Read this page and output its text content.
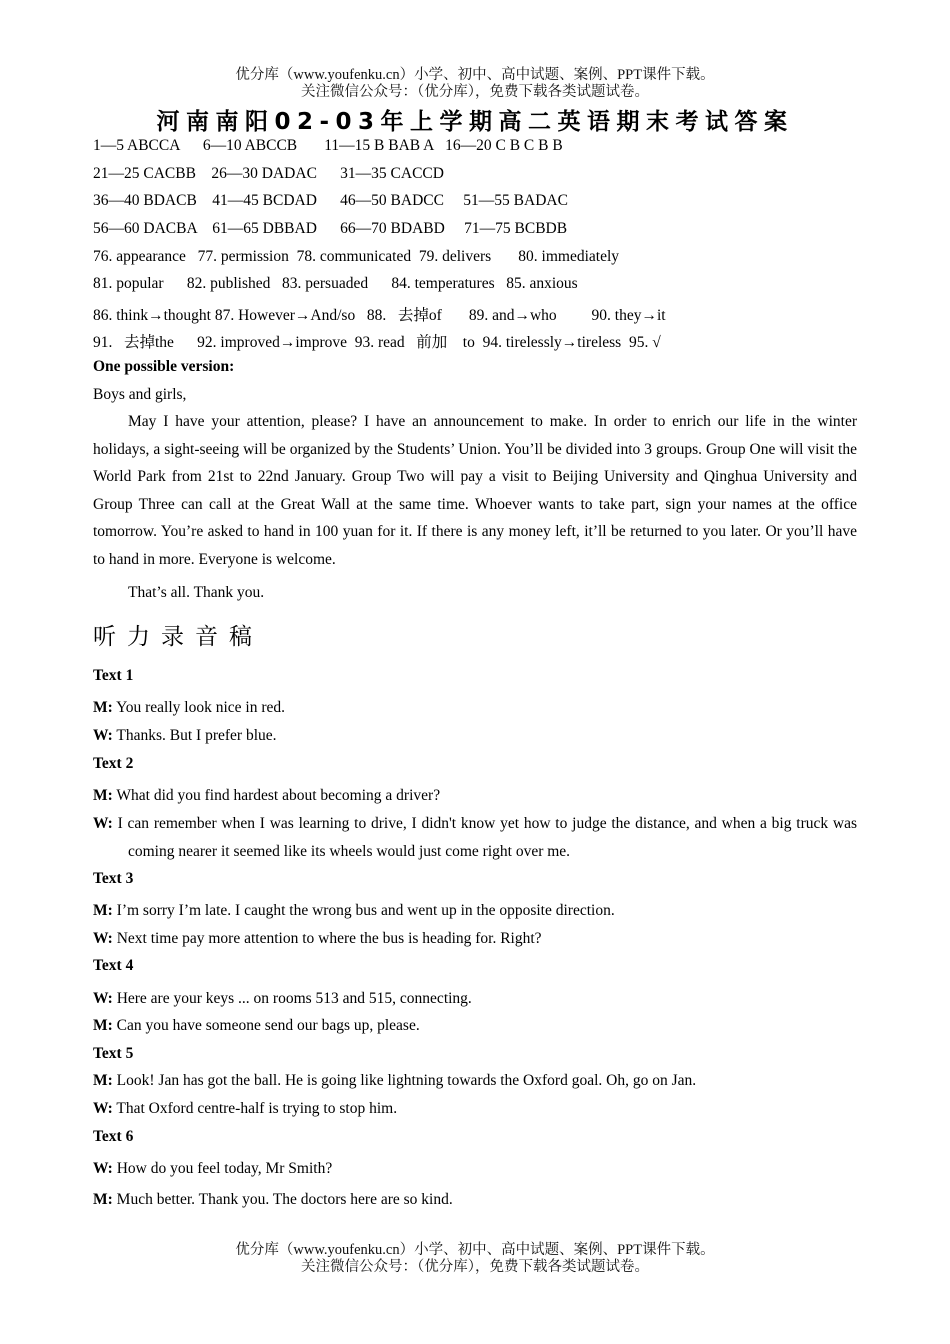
优分库（www.youfenku.cn）小学、初中、高中试题、案例、PPT课件下载。
关注微信公众号：（优分库），免费下载各类试题试卷。
河南南阳02-03年上学期高二英语期末考试答案
1—5 ABCCA      6—10 ABCCB       11—15 B BAB A   16—20 C B C B B
21—25 CACBB    26—30 DADAC      31—35 CACCD
36—40 BDACB    41—45 BCDAD      46—50 BADCC     51—55 BADAC
56—60 DACBA    61—65 DBBAD      66—70 BDABD     71—75 BCBDB
76. appearance   77. permission  78. communicated  79. delivers       80. immediately
81. popular      82. published   83. persuaded      84. temperatures   85. anxious
86. think→thought 87. However→And/so   88.   去掉of       89. and→who         90. they→it
91.   去掉the      92. improved→improve  93. read   前加    to  94. tirelessly→tireless  95. √
One possible version:
Boys and girls,
May I have your attention, please? I have an announcement to make. In order to enrich our life in the winter holidays, a sight-seeing will be organized by the Students’ Union. You’ll be divided into 3 groups. Group One will visit the World Park from 21st to 22nd January. Group Two will pay a visit to Beijing University and Qinghua University and Group Three can call at the Great Wall at the same time. Whoever wants to take part, sign your names at the office tomorrow. You’re asked to hand in 100 yuan for it. If there is any money left, it’ll be returned to you later. Or you’ll have to hand in more. Everyone is welcome.
That’s all. Thank you.
听力录音稿
Text 1
M: You really look nice in red.
W: Thanks. But I prefer blue.
Text 2
M: What did you find hardest about becoming a driver?
W: I can remember when I was learning to drive, I didn't know yet how to judge the distance, and when a big truck was coming nearer it seemed like its wheels would just come right over me.
Text 3
M: I’m sorry I’m late. I caught the wrong bus and went up in the opposite direction.
W: Next time pay more attention to where the bus is heading for. Right?
Text 4
W: Here are your keys ... on rooms 513 and 515, connecting.
M: Can you have someone send our bags up, please.
Text 5
M: Look! Jan has got the ball. He is going like lightning towards the Oxford goal. Oh, go on Jan.
W: That Oxford centre-half is trying to stop him.
Text 6
W: How do you feel today, Mr Smith?
M: Much better. Thank you. The doctors here are so kind.
优分库（www.youfenku.cn）小学、初中、高中试题、案例、PPT课件下载。
关注微信公众号：（优分库），免费下载各类试题试卷。
